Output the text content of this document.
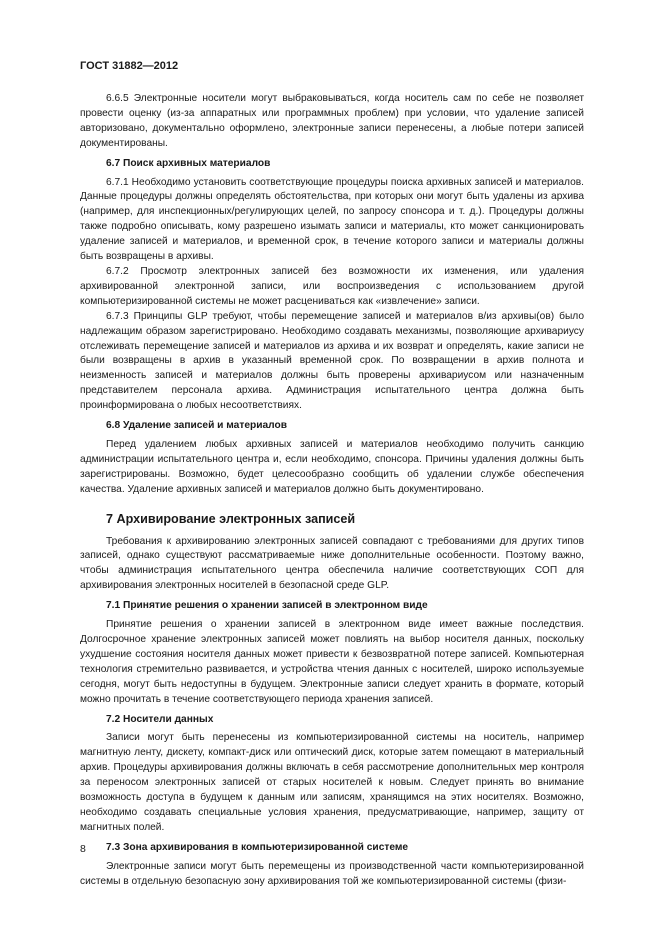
ГОСТ 31882—2012

6.6.5 Электронные носители могут выбраковываться, когда носитель сам по себе не позволяет провести оценку (из-за аппаратных или программных проблем) при условии, что удаление записей авторизовано, документально оформлено, электронные записи перенесены, а любые потери записей документированы.

6.7 Поиск архивных материалов

6.7.1 Необходимо установить соответствующие процедуры поиска архивных записей и материалов. Данные процедуры должны определять обстоятельства, при которых они могут быть удалены из архива (например, для инспекционных/регулирующих целей, по запросу спонсора и т. д.). Процедуры должны также подробно описывать, кому разрешено изымать записи и материалы, кто может санкционировать удаление записей и материалов, и временной срок, в течение которого записи и материалы должны быть возвращены в архивы.

6.7.2 Просмотр электронных записей без возможности их изменения, или удаления архивированной электронной записи, или воспроизведения с использованием другой компьютеризированной системы не может расцениваться как «извлечение» записи.

6.7.3 Принципы GLP требуют, чтобы перемещение записей и материалов в/из архивы(ов) было надлежащим образом зарегистрировано. Необходимо создавать механизмы, позволяющие архивариусу отслеживать перемещение записей и материалов из архива и их возврат и определять, какие записи не были возвращены в архив в указанный временной срок. По возвращении в архив полнота и неизменность записей и материалов должны быть проверены архивариусом или назначенным представителем персонала архива. Администрация испытательного центра должна быть проинформирована о любых несоответствиях.

6.8 Удаление записей и материалов

Перед удалением любых архивных записей и материалов необходимо получить санкцию администрации испытательного центра и, если необходимо, спонсора. Причины удаления должны быть зарегистрированы. Возможно, будет целесообразно сообщить об удалении службе обеспечения качества. Удаление архивных записей и материалов должно быть документировано.

7 Архивирование электронных записей

Требования к архивированию электронных записей совпадают с требованиями для других типов записей, однако существуют рассматриваемые ниже дополнительные особенности. Поэтому важно, чтобы администрация испытательного центра обеспечила наличие соответствующих СОП для архивирования электронных носителей в безопасной среде GLP.

7.1 Принятие решения о хранении записей в электронном виде

Принятие решения о хранении записей в электронном виде имеет важные последствия. Долгосрочное хранение электронных записей может повлиять на выбор носителя данных, поскольку ухудшение состояния носителя данных может привести к безвозвратной потере записей. Компьютерная технология стремительно развивается, и устройства чтения данных с носителей, широко используемые сегодня, могут быть недоступны в будущем. Электронные записи следует хранить в формате, который можно прочитать в течение соответствующего периода хранения записей.

7.2 Носители данных

Записи могут быть перенесены из компьютеризированной системы на носитель, например магнитную ленту, дискету, компакт-диск или оптический диск, которые затем помещают в материальный архив. Процедуры архивирования должны включать в себя рассмотрение дополнительных мер контроля за переносом электронных записей от старых носителей к новым. Следует принять во внимание возможность доступа в будущем к данным или записям, хранящимся на этих носителях. Возможно, необходимо создавать специальные условия хранения, предусматривающие, например, защиту от магнитных полей.

7.3 Зона архивирования в компьютеризированной системе

Электронные записи могут быть перемещены из производственной части компьютеризированной системы в отдельную безопасную зону архивирования той же компьютеризированной системы (физи-

8
